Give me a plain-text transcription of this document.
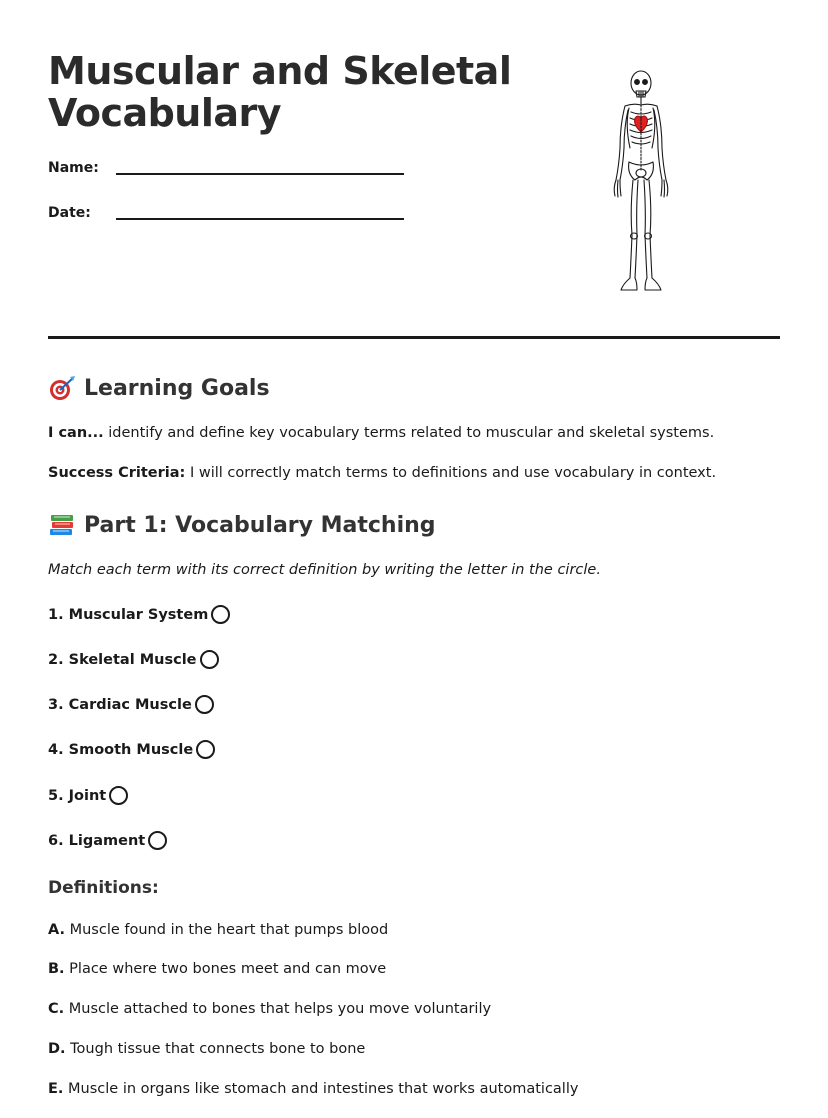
Muscular and Skeletal
Vocabulary
Name:
Date:
Learning Goals

I can... identify and define key vocabulary terms related to muscular and skeletal systems.

Success Criteria: I will correctly match terms to definitions and use vocabulary in context.

Part 1: Vocabulary Matching

Match each term with its correct definition by writing the letter in the circle.

1. Muscular System
2. Skeletal Muscle
3. Cardiac Muscle
4. Smooth Muscle
5. Joint
6. Ligament
Definitions:

A. Muscle found in the heart that pumps blood

B. Place where two bones meet and can move

C. Muscle attached to bones that helps you move voluntarily

D. Tough tissue that connects bone to bone

E. Muscle in organs like stomach and intestines that works automatically
